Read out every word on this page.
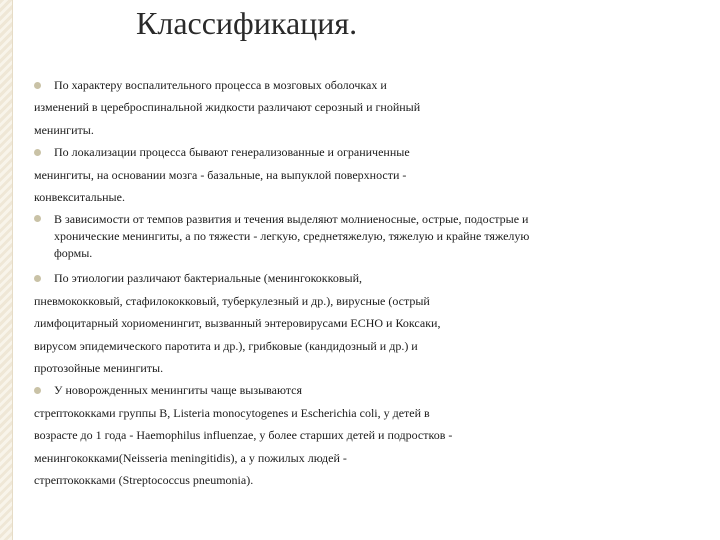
Классификация.
По характеру воспалительного процесса в мозговых оболочках и
изменений в цереброспинальной жидкости различают серозный и гнойный
менингиты.
По локализации процесса бывают генерализованные и ограниченные
менингиты, на основании мозга - базальные, на выпуклой поверхности -
конвекситальные.
В зависимости от темпов развития и течения выделяют молниеносные, острые, подострые и
хронические менингиты, а по тяжести - легкую, среднетяжелую, тяжелую и крайне тяжелую
формы.
По этиологии различают бактериальные (менингококковый,
пневмококковый, стафилококковый, туберкулезный и др.), вирусные (острый
лимфоцитарный хориоменингит, вызванный энтеровирусами ЕСНО и Коксаки,
вирусом эпидемического паротита и др.), грибковые (кандидозный и др.) и
протозойные менингиты.
У новорожденных менингиты чаще вызываются
стрептококками группы В, Listeria monocytogenes и Escherichia coli, у детей в
возрасте до 1 года - Haemophilus influenzae, у более старших детей и подростков -
менингококками(Neisseria meningitidis), а у пожилых людей -
стрептококками (Streptococcus pneumonia).
